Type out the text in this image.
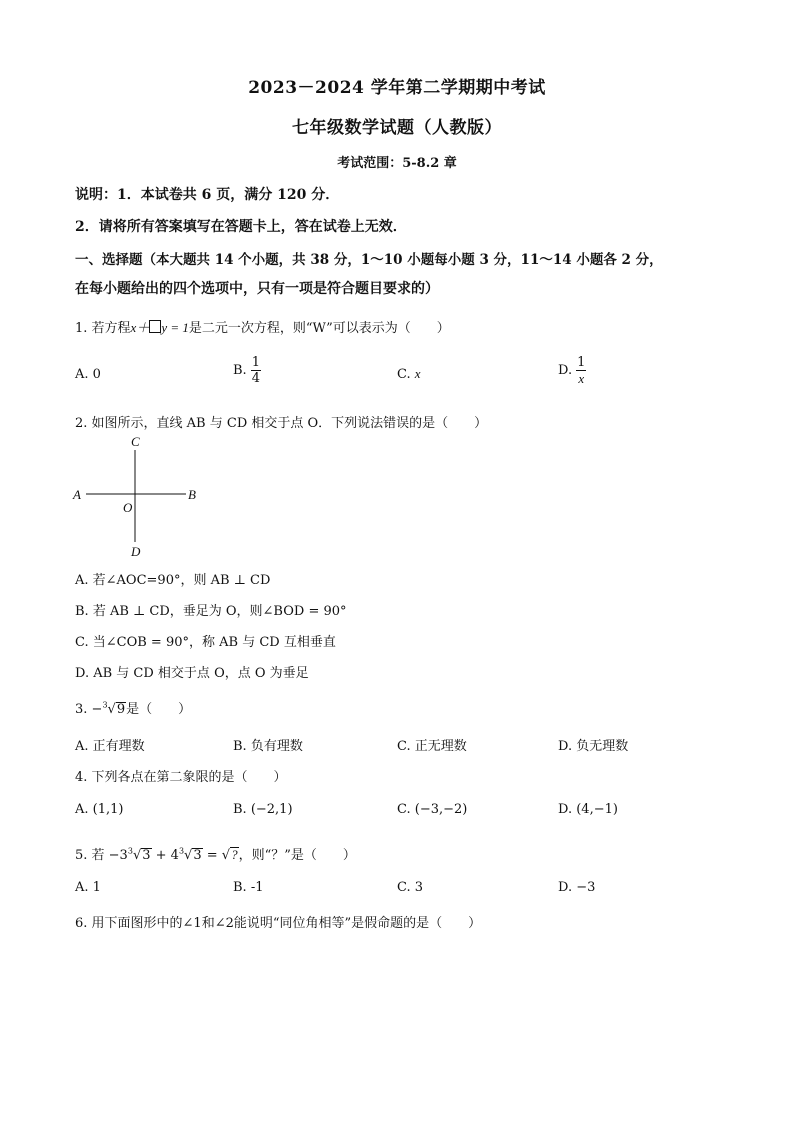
2023－2024 学年第二学期期中考试
七年级数学试题（人教版）
考试范围：5-8.2 章
说明：1．本试卷共 6 页，满分 120 分．
2．请将所有答案填写在答题卡上，答在试卷上无效．
一、选择题（本大题共 14 个小题，共 38 分，1～10 小题每小题 3 分，11～14 小题各 2 分，
在每小题给出的四个选项中，只有一项是符合题目要求的）
1. 若方程x＋ y = 1是二元一次方程，则“W”可以表示为（　　）
A. 0	B. $\frac{1}{4}$	C. x	D. $\frac{1}{x}$
2. 如图所示，直线 AB 与 CD 相交于点 O．下列说法错误的是（　　）
C
A	B
O
D
A. 若∠AOC=90°，则 AB ⊥ CD
B. 若 AB ⊥ CD，垂足为 O，则∠BOD = 90°
C. 当∠COB = 90°，称 AB 与 CD 互相垂直
D. AB 与 CD 相交于点 O，点 O 为垂足
3. −$^3$√9是（　　）
A. 正有理数	B. 负有理数	C. 正无理数	D. 负无理数
4. 下列各点在第二象限的是（　　）
A. (1,1)	B. (−2,1)	C. (−3,−2)	D. (4,−1)
5. 若 $-3^3√3 + 4^3√3$ = √?，则“？”是（　　）
A. 1	B. -1	C. 3	D. −3
6. 用下面图形中的∠1和∠2能说明“同位角相等”是假命题的是（　　）
